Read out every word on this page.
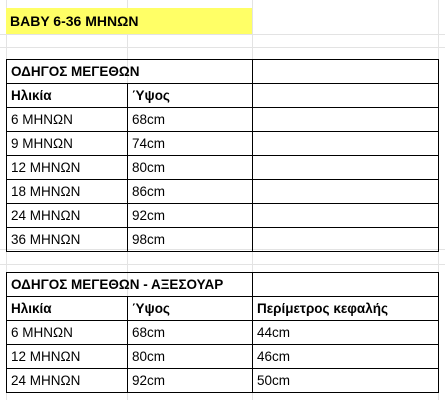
BABY 6-36 ΜΗΝΩΝ
ΟΔΗΓΟΣ ΜΕΓΕΘΩΝ		
Ηλικία	Ύψος	
6 ΜΗΝΩΝ	68cm	
9 ΜΗΝΩΝ	74cm	
12 ΜΗΝΩΝ	80cm	
18 ΜΗΝΩΝ	86cm	
24 ΜΗΝΩΝ	92cm	
36 ΜΗΝΩΝ	98cm	
ΟΔΗΓΟΣ ΜΕΓΕΘΩΝ - ΑΞΕΣΟΥΑΡ		
Ηλικία	Ύψος	Περίμετρος κεφαλής
6 ΜΗΝΩΝ	68cm	44cm
12 ΜΗΝΩΝ	80cm	46cm
24 ΜΗΝΩΝ	92cm	50cm
